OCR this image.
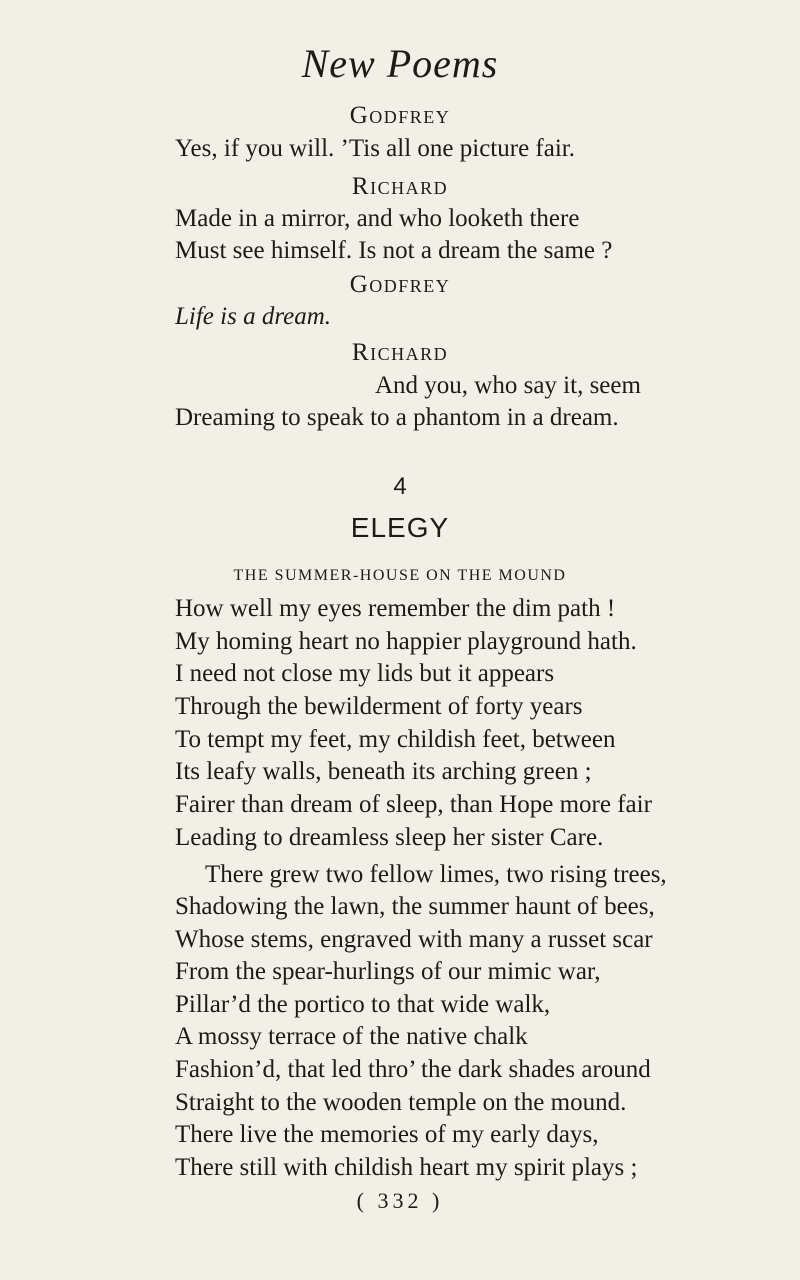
New Poems
Godfrey
Yes, if you will. ’Tis all one picture fair.
Richard
Made in a mirror, and who looketh there
Must see himself. Is not a dream the same ?
Godfrey
Life is a dream.
Richard
And you, who say it, seem
Dreaming to speak to a phantom in a dream.
4
ELEGY
THE SUMMER-HOUSE ON THE MOUND
How well my eyes remember the dim path !
My homing heart no happier playground hath.
I need not close my lids but it appears
Through the bewilderment of forty years
To tempt my feet, my childish feet, between
Its leafy walls, beneath its arching green ;
Fairer than dream of sleep, than Hope more fair
Leading to dreamless sleep her sister Care.
There grew two fellow limes, two rising trees,
Shadowing the lawn, the summer haunt of bees,
Whose stems, engraved with many a russet scar
From the spear-hurlings of our mimic war,
Pillar’d the portico to that wide walk,
A mossy terrace of the native chalk
Fashion’d, that led thro’ the dark shades around
Straight to the wooden temple on the mound.
There live the memories of my early days,
There still with childish heart my spirit plays ;
( 332 )
